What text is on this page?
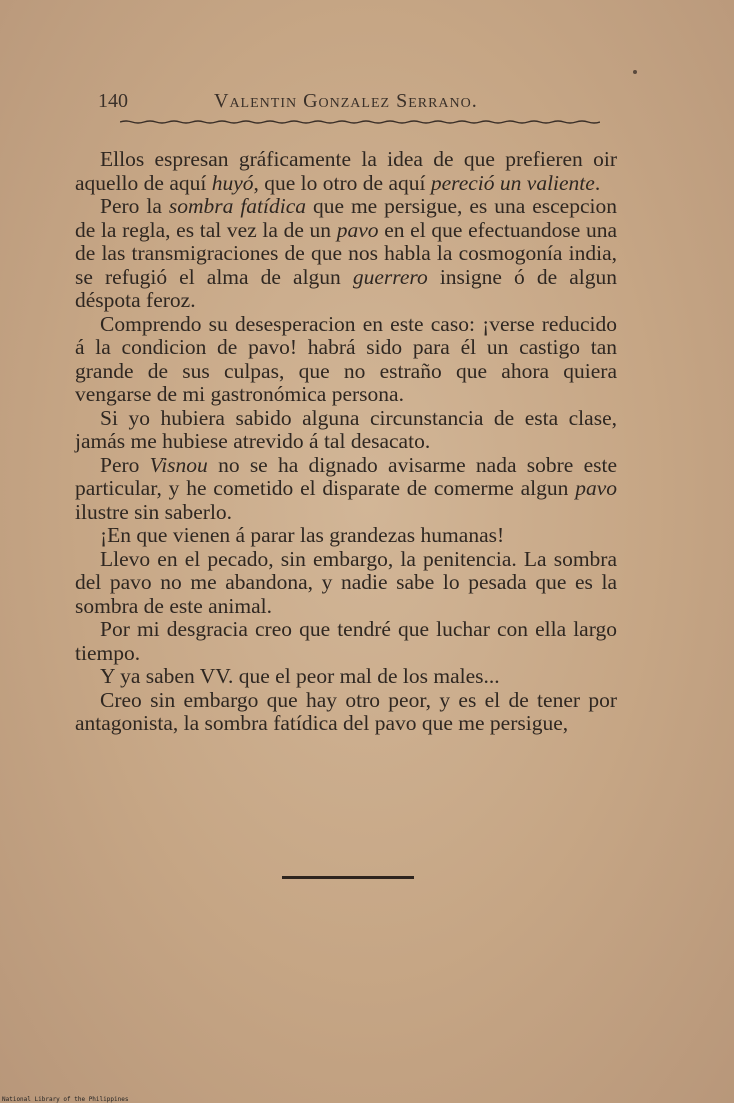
140	Valentin Gonzalez Serrano.

Ellos espresan gráficamente la idea de que prefieren oir aquello de aquí huyó, que lo otro de aquí pereció un valiente.

Pero la sombra fatídica que me persigue, es una escepcion de la regla, es tal vez la de un pavo en el que efectuandose una de las transmigraciones de que nos habla la cosmogonía india, se refugió el alma de algun guerrero insigne ó de algun déspota feroz.

Comprendo su desesperacion en este caso: ¡verse reducido á la condicion de pavo! habrá sido para él un castigo tan grande de sus culpas, que no estraño que ahora quiera vengarse de mi gastronómica persona.

Si yo hubiera sabido alguna circunstancia de esta clase, jamás me hubiese atrevido á tal desacato.

Pero Visnou no se ha dignado avisarme nada sobre este particular, y he cometido el disparate de comerme algun pavo ilustre sin saberlo.

¡En que vienen á parar las grandezas humanas!

Llevo en el pecado, sin embargo, la penitencia. La sombra del pavo no me abandona, y nadie sabe lo pesada que es la sombra de este animal.

Por mi desgracia creo que tendré que luchar con ella largo tiempo.

Y ya saben VV. que el peor mal de los males...

Creo sin embargo que hay otro peor, y es el de tener por antagonista, la sombra fatídica del pavo que me persigue,

National Library of the Philippines
